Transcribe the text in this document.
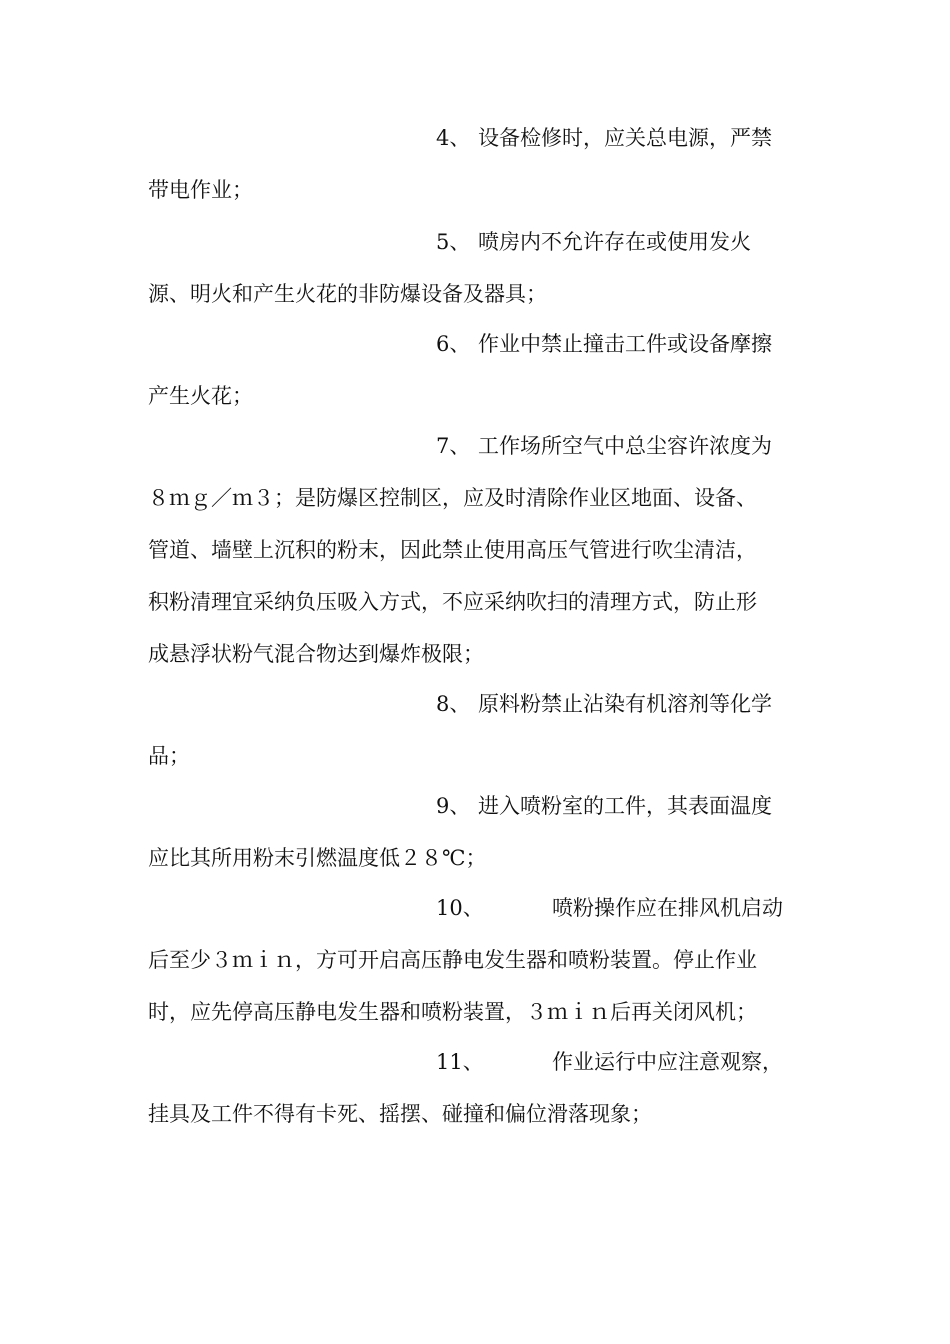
4、 设备检修时，应关总电源，严禁
带电作业；
5、 喷房内不允许存在或使用发火
源、明火和产生火花的非防爆设备及器具；
6、 作业中禁止撞击工件或设备摩擦
产生火花；
7、 工作场所空气中总尘容许浓度为
８ｍｇ／ｍ３；是防爆区控制区，应及时清除作业区地面、设备、
管道、墙壁上沉积的粉末，因此禁止使用高压气管进行吹尘清洁，
积粉清理宜采纳负压吸入方式，不应采纳吹扫的清理方式，防止形
成悬浮状粉气混合物达到爆炸极限；
8、 原料粉禁止沾染有机溶剂等化学
品；
9、 进入喷粉室的工件，其表面温度
应比其所用粉末引燃温度低２８℃；
10、	喷粉操作应在排风机启动
后至少３ｍｉｎ，方可开启高压静电发生器和喷粉装置。停止作业
时，应先停高压静电发生器和喷粉装置，３ｍｉｎ后再关闭风机；
11、	作业运行中应注意观察，
挂具及工件不得有卡死、摇摆、碰撞和偏位滑落现象；
